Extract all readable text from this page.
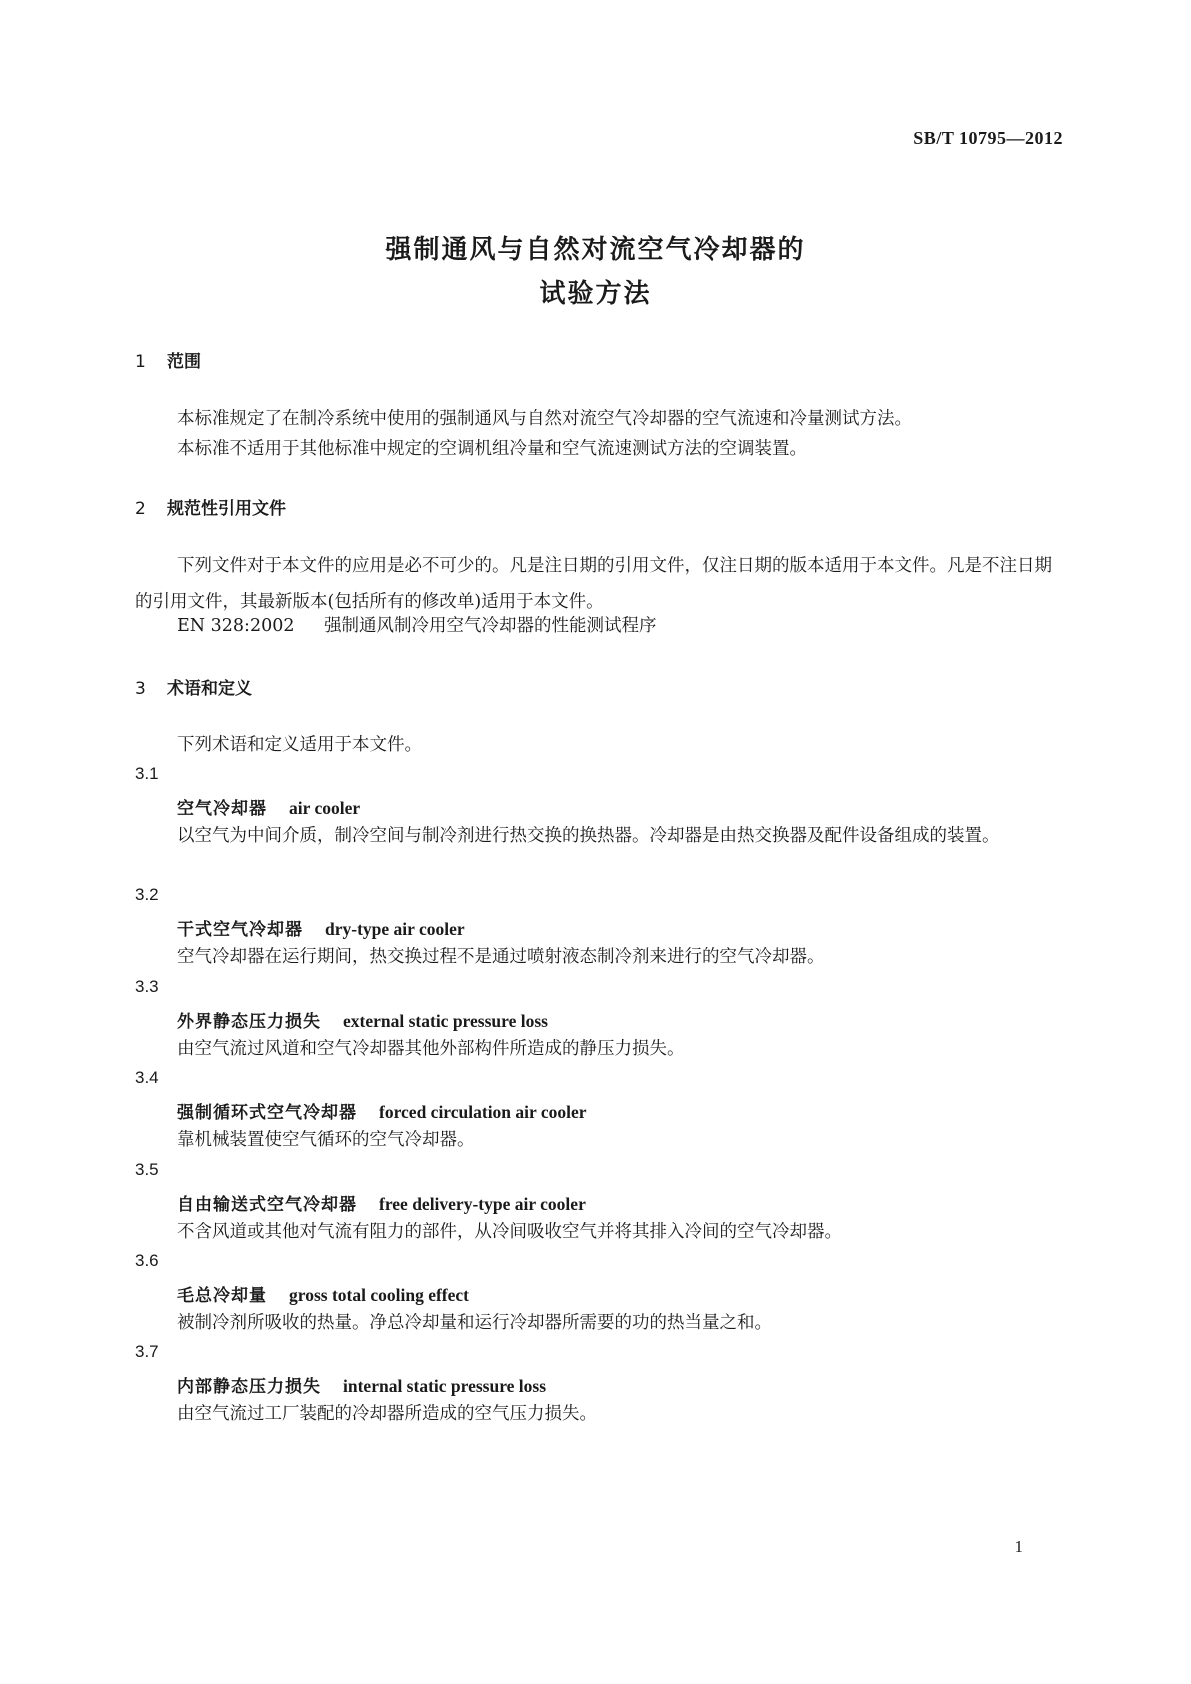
SB/T 10795—2012
强制通风与自然对流空气冷却器的
试验方法
1 范围
本标准规定了在制冷系统中使用的强制通风与自然对流空气冷却器的空气流速和冷量测试方法。
本标准不适用于其他标准中规定的空调机组冷量和空气流速测试方法的空调装置。
2 规范性引用文件
下列文件对于本文件的应用是必不可少的。凡是注日期的引用文件，仅注日期的版本适用于本文件。凡是不注日期的引用文件，其最新版本(包括所有的修改单)适用于本文件。
EN 328:2002 强制通风制冷用空气冷却器的性能测试程序
3 术语和定义
下列术语和定义适用于本文件。
3.1
空气冷却器 air cooler
以空气为中间介质，制冷空间与制冷剂进行热交换的换热器。冷却器是由热交换器及配件设备组成的装置。
3.2
干式空气冷却器 dry-type air cooler
空气冷却器在运行期间，热交换过程不是通过喷射液态制冷剂来进行的空气冷却器。
3.3
外界静态压力损失 external static pressure loss
由空气流过风道和空气冷却器其他外部构件所造成的静压力损失。
3.4
强制循环式空气冷却器 forced circulation air cooler
靠机械装置使空气循环的空气冷却器。
3.5
自由输送式空气冷却器 free delivery-type air cooler
不含风道或其他对气流有阻力的部件，从冷间吸收空气并将其排入冷间的空气冷却器。
3.6
毛总冷却量 gross total cooling effect
被制冷剂所吸收的热量。净总冷却量和运行冷却器所需要的功的热当量之和。
3.7
内部静态压力损失 internal static pressure loss
由空气流过工厂装配的冷却器所造成的空气压力损失。
1
